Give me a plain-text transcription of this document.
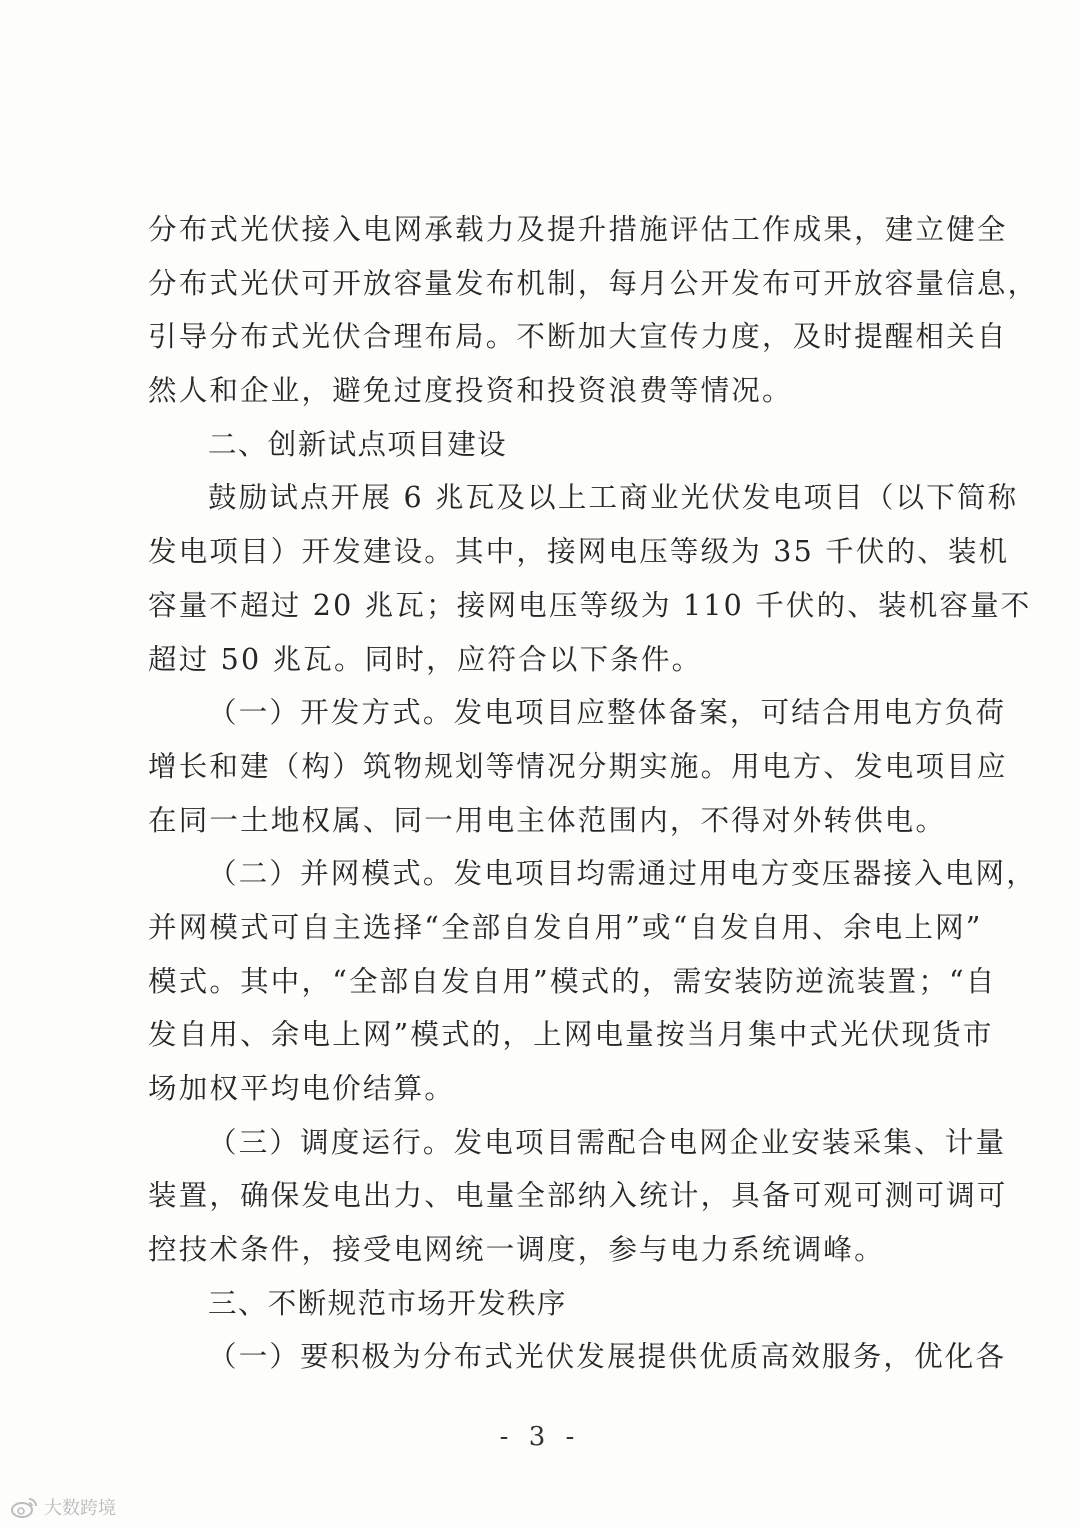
分布式光伏接入电网承载力及提升措施评估工作成果，建立健全
分布式光伏可开放容量发布机制，每月公开发布可开放容量信息，
引导分布式光伏合理布局。不断加大宣传力度，及时提醒相关自
然人和企业，避免过度投资和投资浪费等情况。
二、创新试点项目建设
鼓励试点开展 6 兆瓦及以上工商业光伏发电项目（以下简称
发电项目）开发建设。其中，接网电压等级为 35 千伏的、装机
容量不超过 20 兆瓦；接网电压等级为 110 千伏的、装机容量不
超过 50 兆瓦。同时，应符合以下条件。
（一）开发方式。发电项目应整体备案，可结合用电方负荷
增长和建（构）筑物规划等情况分期实施。用电方、发电项目应
在同一土地权属、同一用电主体范围内，不得对外转供电。
（二）并网模式。发电项目均需通过用电方变压器接入电网，
并网模式可自主选择“全部自发自用”或“自发自用、余电上网”
模式。其中，“全部自发自用”模式的，需安装防逆流装置；“自
发自用、余电上网”模式的，上网电量按当月集中式光伏现货市
场加权平均电价结算。
（三）调度运行。发电项目需配合电网企业安装采集、计量
装置，确保发电出力、电量全部纳入统计，具备可观可测可调可
控技术条件，接受电网统一调度，参与电力系统调峰。
三、不断规范市场开发秩序
（一）要积极为分布式光伏发展提供优质高效服务，优化各
- 3 -
大数跨境
